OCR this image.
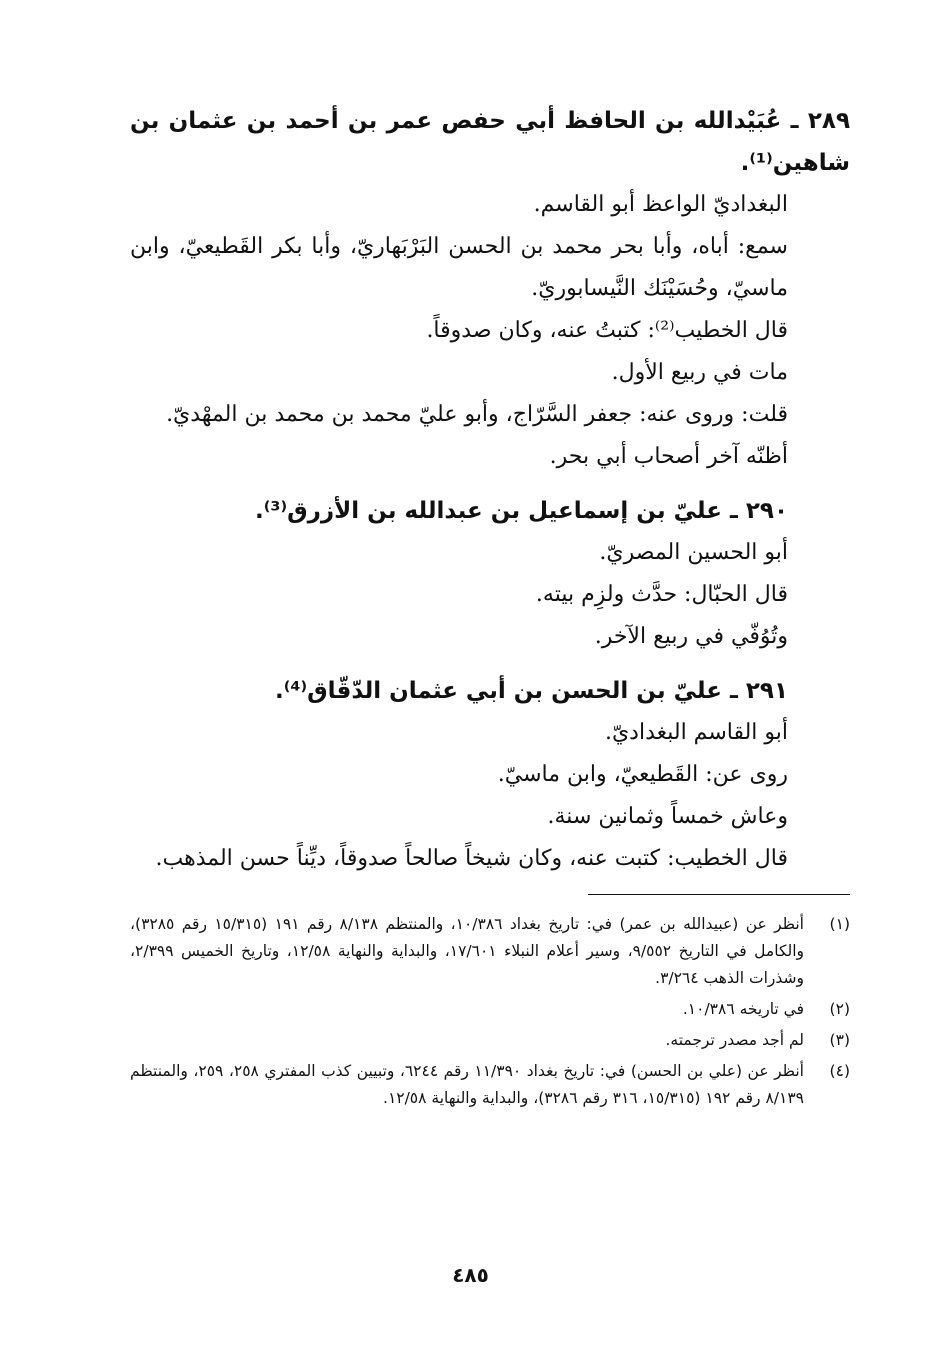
٢٨٩ ـ عُبَيْدالله بن الحافظ أبي حفص عمر بن أحمد بن عثمان بن شاهين⁽¹⁾.

البغداديّ الواعظ أبو القاسم.

سمع: أباه، وأبا بحر محمد بن الحسن البَرْبَهاريّ، وأبا بكر القَطيعيّ، وابن ماسيّ، وحُسَيْنَك النَّيسابوريّ.

قال الخطيب⁽²⁾: كتبتُ عنه، وكان صدوقاً.

مات في ربيع الأول.

قلت: وروى عنه: جعفر السَّرّاج، وأبو عليّ محمد بن محمد بن المهْديّ.

أظنّه آخر أصحاب أبي بحر.

٢٩٠ ـ عليّ بن إسماعيل بن عبدالله بن الأزرق⁽³⁾.

أبو الحسين المصريّ.

قال الحبّال: حدَّث ولزِم بيته.

وتُوُفّي في ربيع الآخر.

٢٩١ ـ عليّ بن الحسن بن أبي عثمان الدّقّاق⁽⁴⁾.

أبو القاسم البغداديّ.

روى عن: القَطيعيّ، وابن ماسيّ.

وعاش خمساً وثمانين سنة.

قال الخطيب: كتبت عنه، وكان شيخاً صالحاً صدوقاً، ديِّناً حسن المذهب.

(١)
أنظر عن (عبيدالله بن عمر) في: تاريخ بغداد ١٠/٣٨٦، والمنتظم ٨/١٣٨ رقم ١٩١ (١٥/٣١٥ رقم ٣٢٨٥)، والكامل في التاريخ ٩/٥٥٢، وسير أعلام النبلاء ١٧/٦٠١، والبداية والنهاية ١٢/٥٨، وتاريخ الخميس ٢/٣٩٩، وشذرات الذهب ٣/٢٦٤.
(٢)
في تاريخه ١٠/٣٨٦.
(٣)
لم أجد مصدر ترجمته.
(٤)
أنظر عن (علي بن الحسن) في: تاريخ بغداد ١١/٣٩٠ رقم ٦٢٤٤، وتبيين كذب المفتري ٢٥٨، ٢٥٩، والمنتظم ٨/١٣٩ رقم ١٩٢ (١٥/٣١٥، ٣١٦ رقم ٣٢٨٦)، والبداية والنهاية ١٢/٥٨.
٤٨٥
